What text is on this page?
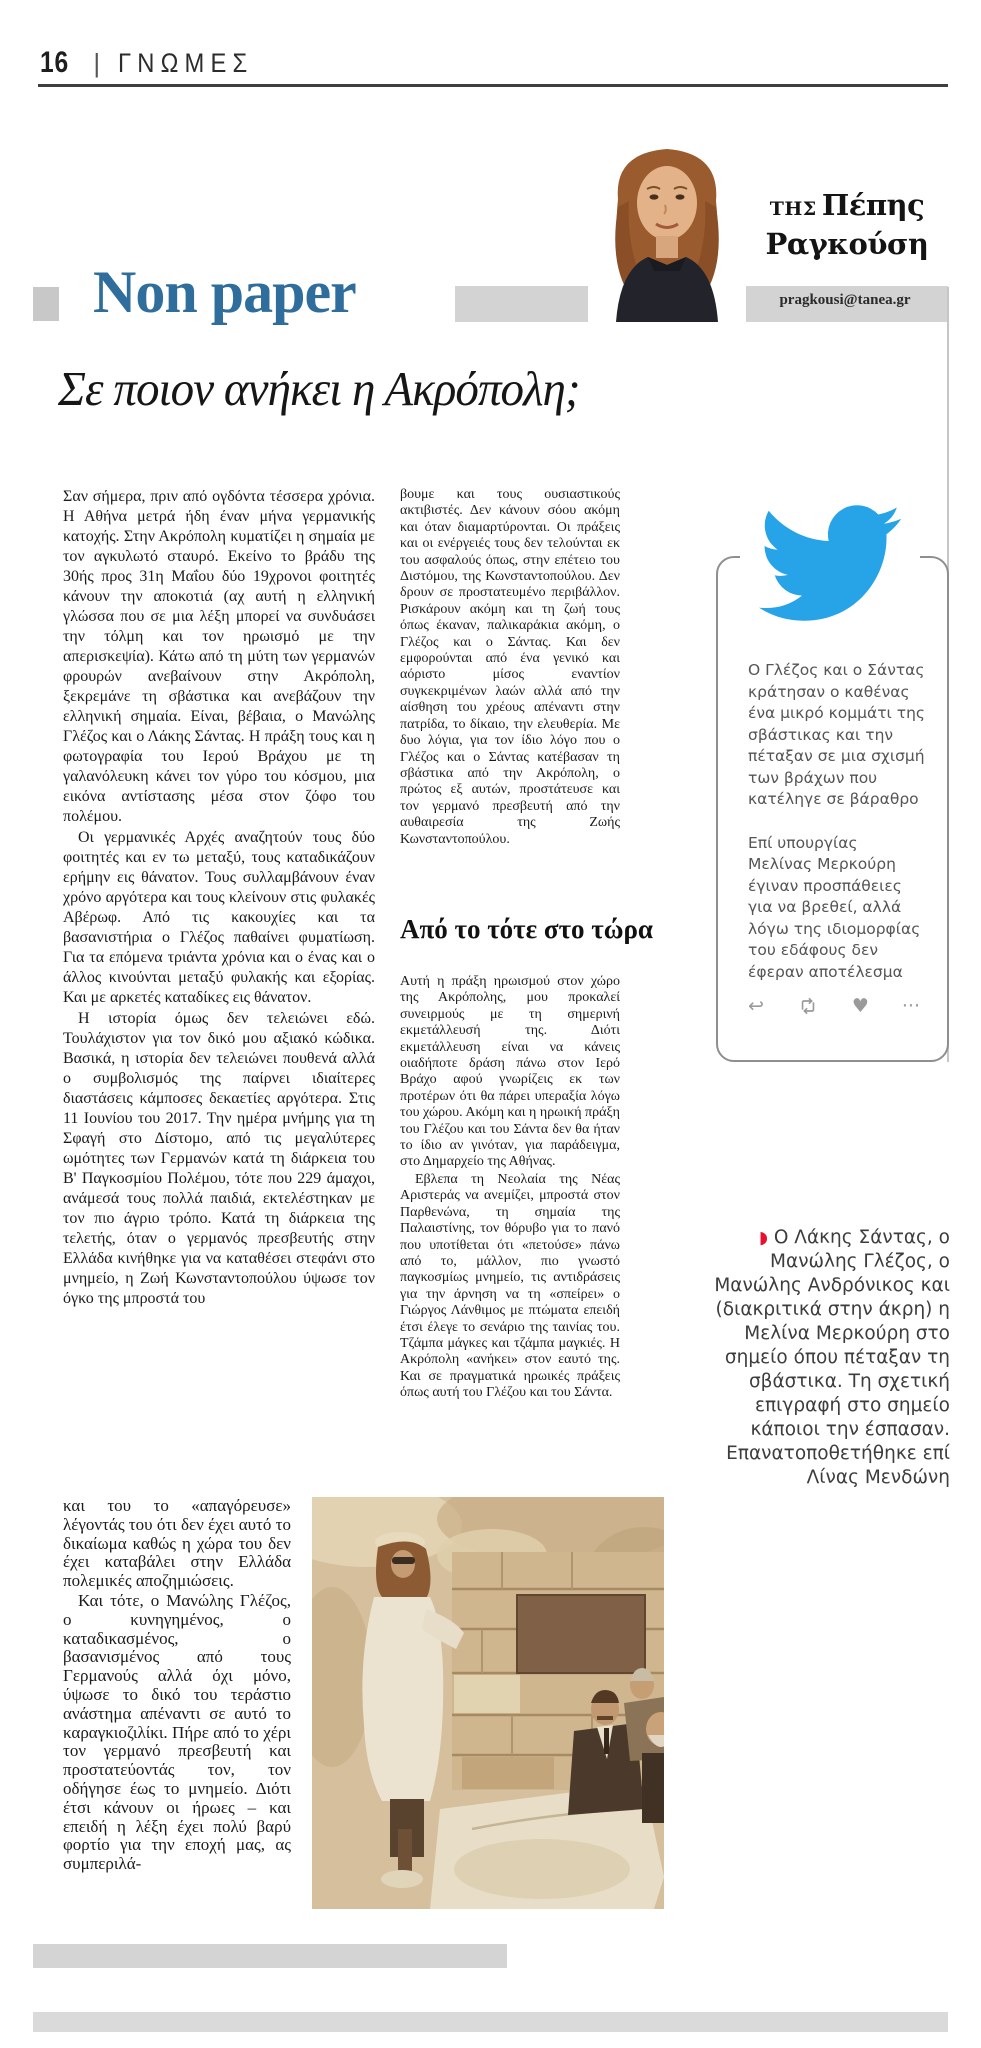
16 | ΓΝΩΜΕΣ
Non paper	pragkousi@tanea.gr
ΤΗΣ Πέπης
Ραγκούση
Σε ποιον ανήκει η Ακρόπολη;

Σαν σήμερα, πριν από ογδόντα τέσσερα χρόνια. Η Αθήνα μετρά ήδη έναν μήνα γερμανικής κατοχής. Στην Ακρόπολη κυματίζει η σημαία με τον αγκυλωτό σταυρό. Εκείνο το βράδυ της 30ής προς 31η Μαΐου δύο 19χρονοι φοιτητές κάνουν την αποκοτιά (αχ αυτή η ελληνική γλώσσα που σε μια λέξη μπορεί να συνδυάσει την τόλμη και τον ηρωισμό με την απερισκεψία). Κάτω από τη μύτη των γερμανών φρουρών ανεβαίνουν στην Ακρόπολη, ξεκρεμάνε τη σβάστικα και ανεβάζουν την ελληνική σημαία. Είναι, βέβαια, ο Μανώλης Γλέζος και ο Λάκης Σάντας. Η πράξη τους και η φωτογραφία του Ιερού Βράχου με τη γαλανόλευκη κάνει τον γύρο του κόσμου, μια εικόνα αντίστασης μέσα στον ζόφο του πολέμου.

Οι γερμανικές Αρχές αναζητούν τους δύο φοιτητές και εν τω μεταξύ, τους καταδικάζουν ερήμην εις θάνατον. Τους συλλαμβάνουν έναν χρόνο αργότερα και τους κλείνουν στις φυλακές Αβέρωφ. Από τις κακουχίες και τα βασανιστήρια ο Γλέζος παθαίνει φυματίωση. Για τα επόμενα τριάντα χρόνια και ο ένας και ο άλλος κινούνται μεταξύ φυλακής και εξορίας. Και με αρκετές καταδίκες εις θάνατον.

Η ιστορία όμως δεν τελειώνει εδώ. Τουλάχιστον για τον δικό μου αξιακό κώδικα. Βασικά, η ιστορία δεν τελειώνει πουθενά αλλά ο συμβολισμός της παίρνει ιδιαίτερες διαστάσεις κάμποσες δεκαετίες αργότερα. Στις 11 Ιουνίου του 2017. Την ημέρα μνήμης για τη Σφαγή στο Δίστομο, από τις μεγαλύτερες ωμότητες των Γερμανών κατά τη διάρκεια του Β' Παγκοσμίου Πολέμου, τότε που 229 άμαχοι, ανάμεσά τους πολλά παιδιά, εκτελέστηκαν με τον πιο άγριο τρόπο. Κατά τη διάρκεια της τελετής, όταν ο γερμανός πρεσβευτής στην Ελλάδα κινήθηκε για να καταθέσει στεφάνι στο μνημείο, η Ζωή Κωνσταντοπούλου ύψωσε τον όγκο της μπροστά του

και του το «απαγόρευσε» λέγοντάς του ότι δεν έχει αυτό το δικαίωμα καθώς η χώρα του δεν έχει καταβάλει στην Ελλάδα πολεμικές αποζημιώσεις.

Και τότε, ο Μανώλης Γλέζος, ο κυνηγημένος, ο καταδικασμένος, ο βασανισμένος από τους Γερμανούς αλλά όχι μόνο, ύψωσε το δικό του τεράστιο ανάστημα απέναντι σε αυτό το καραγκιοζιλίκι. Πήρε από το χέρι τον γερμανό πρεσβευτή και προστατεύοντάς τον, τον οδήγησε έως το μνημείο. Διότι έτσι κάνουν οι ήρωες – και επειδή η λέξη έχει πολύ βαρύ φορτίο για την εποχή μας, ας συμπεριλά-

βουμε και τους ουσιαστικούς ακτιβιστές. Δεν κάνουν σόου ακόμη και όταν διαμαρτύρονται. Οι πράξεις και οι ενέργειές τους δεν τελούνται εκ του ασφαλούς όπως, στην επέτειο του Διστόμου, της Κωνσταντοπούλου. Δεν δρουν σε προστατευμένο περιβάλλον. Ρισκάρουν ακόμη και τη ζωή τους όπως έκαναν, παλικαράκια ακόμη, ο Γλέζος και ο Σάντας. Και δεν εμφορούνται από ένα γενικό και αόριστο μίσος εναντίον συγκεκριμένων λαών αλλά από την αίσθηση του χρέους απέναντι στην πατρίδα, το δίκαιο, την ελευθερία. Με δυο λόγια, για τον ίδιο λόγο που ο Γλέζος και ο Σάντας κατέβασαν τη σβάστικα από την Ακρόπολη, ο πρώτος εξ αυτών, προστάτευσε και τον γερμανό πρεσβευτή από την αυθαιρεσία της Ζωής Κωνσταντοπούλου.

Από το τότε στο τώρα

Αυτή η πράξη ηρωισμού στον χώρο της Ακρόπολης, μου προκαλεί συνειρμούς με τη σημερινή εκμετάλλευσή της. Διότι εκμετάλλευση είναι να κάνεις οιαδήποτε δράση πάνω στον Ιερό Βράχο αφού γνωρίζεις εκ των προτέρων ότι θα πάρει υπεραξία λόγω του χώρου. Ακόμη και η ηρωική πράξη του Γλέζου και του Σάντα δεν θα ήταν το ίδιο αν γινόταν, για παράδειγμα, στο Δημαρχείο της Αθήνας.

Εβλεπα τη Νεολαία της Νέας Αριστεράς να ανεμίζει, μπροστά στον Παρθενώνα, τη σημαία της Παλαιστίνης, τον θόρυβο για το πανό που υποτίθεται ότι «πετούσε» πάνω από το, μάλλον, πιο γνωστό παγκοσμίως μνημείο, τις αντιδράσεις για την άρνηση να τη «σπείρει» ο Γιώργος Λάνθιμος με πτώματα επειδή έτσι έλεγε το σενάριο της ταινίας του. Τζάμπα μάγκες και τζάμπα μαγκιές. Η Ακρόπολη «ανήκει» στον εαυτό της. Και σε πραγματικά ηρωικές πράξεις όπως αυτή του Γλέζου και του Σάντα.

Ο Γλέζος και ο Σάντας κράτησαν ο καθένας ένα μικρό κομμάτι της σβάστικας και την πέταξαν σε μια σχισμή των βράχων που κατέληγε σε βάραθρο

Επί υπουργίας Μελίνας Μερκούρη έγιναν προσπάθειες για να βρεθεί, αλλά λόγω της ιδιομορφίας του εδάφους δεν έφεραν αποτέλεσμα

↩	♥ ···
◗ Ο Λάκης Σάντας, ο Μανώλης Γλέζος, ο Μανώλης Ανδρόνικος και (διακριτικά στην άκρη) η Μελίνα Μερκούρη στο σημείο όπου πέταξαν τη σβάστικα. Τη σχετική επιγραφή στο σημείο κάποιοι την έσπασαν. Επανατοποθετήθηκε επί Λίνας Μενδώνη
